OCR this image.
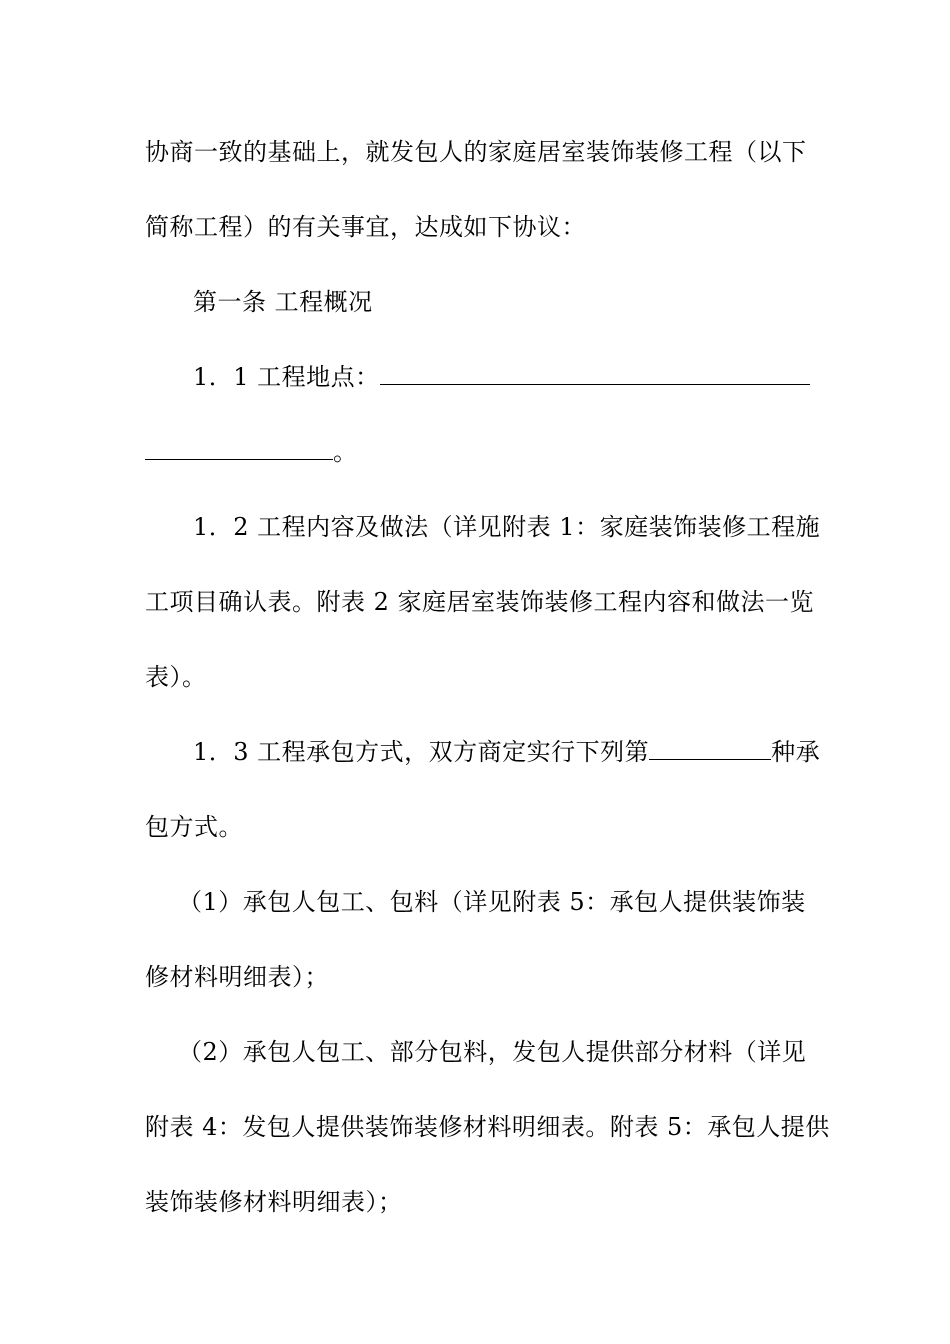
协商一致的基础上，就发包人的家庭居室装饰装修工程（以下
简称工程）的有关事宜，达成如下协议：
第一条 工程概况
1．1 工程地点：
。
1．2 工程内容及做法（详见附表 1：家庭装饰装修工程施
工项目确认表。附表 2 家庭居室装饰装修工程内容和做法一览
表）。
1．3 工程承包方式，双方商定实行下列第	种承
包方式。
（1）承包人包工、包料（详见附表 5：承包人提供装饰装
修材料明细表）；
（2）承包人包工、部分包料，发包人提供部分材料（详见
附表 4：发包人提供装饰装修材料明细表。附表 5：承包人提供
装饰装修材料明细表）；
